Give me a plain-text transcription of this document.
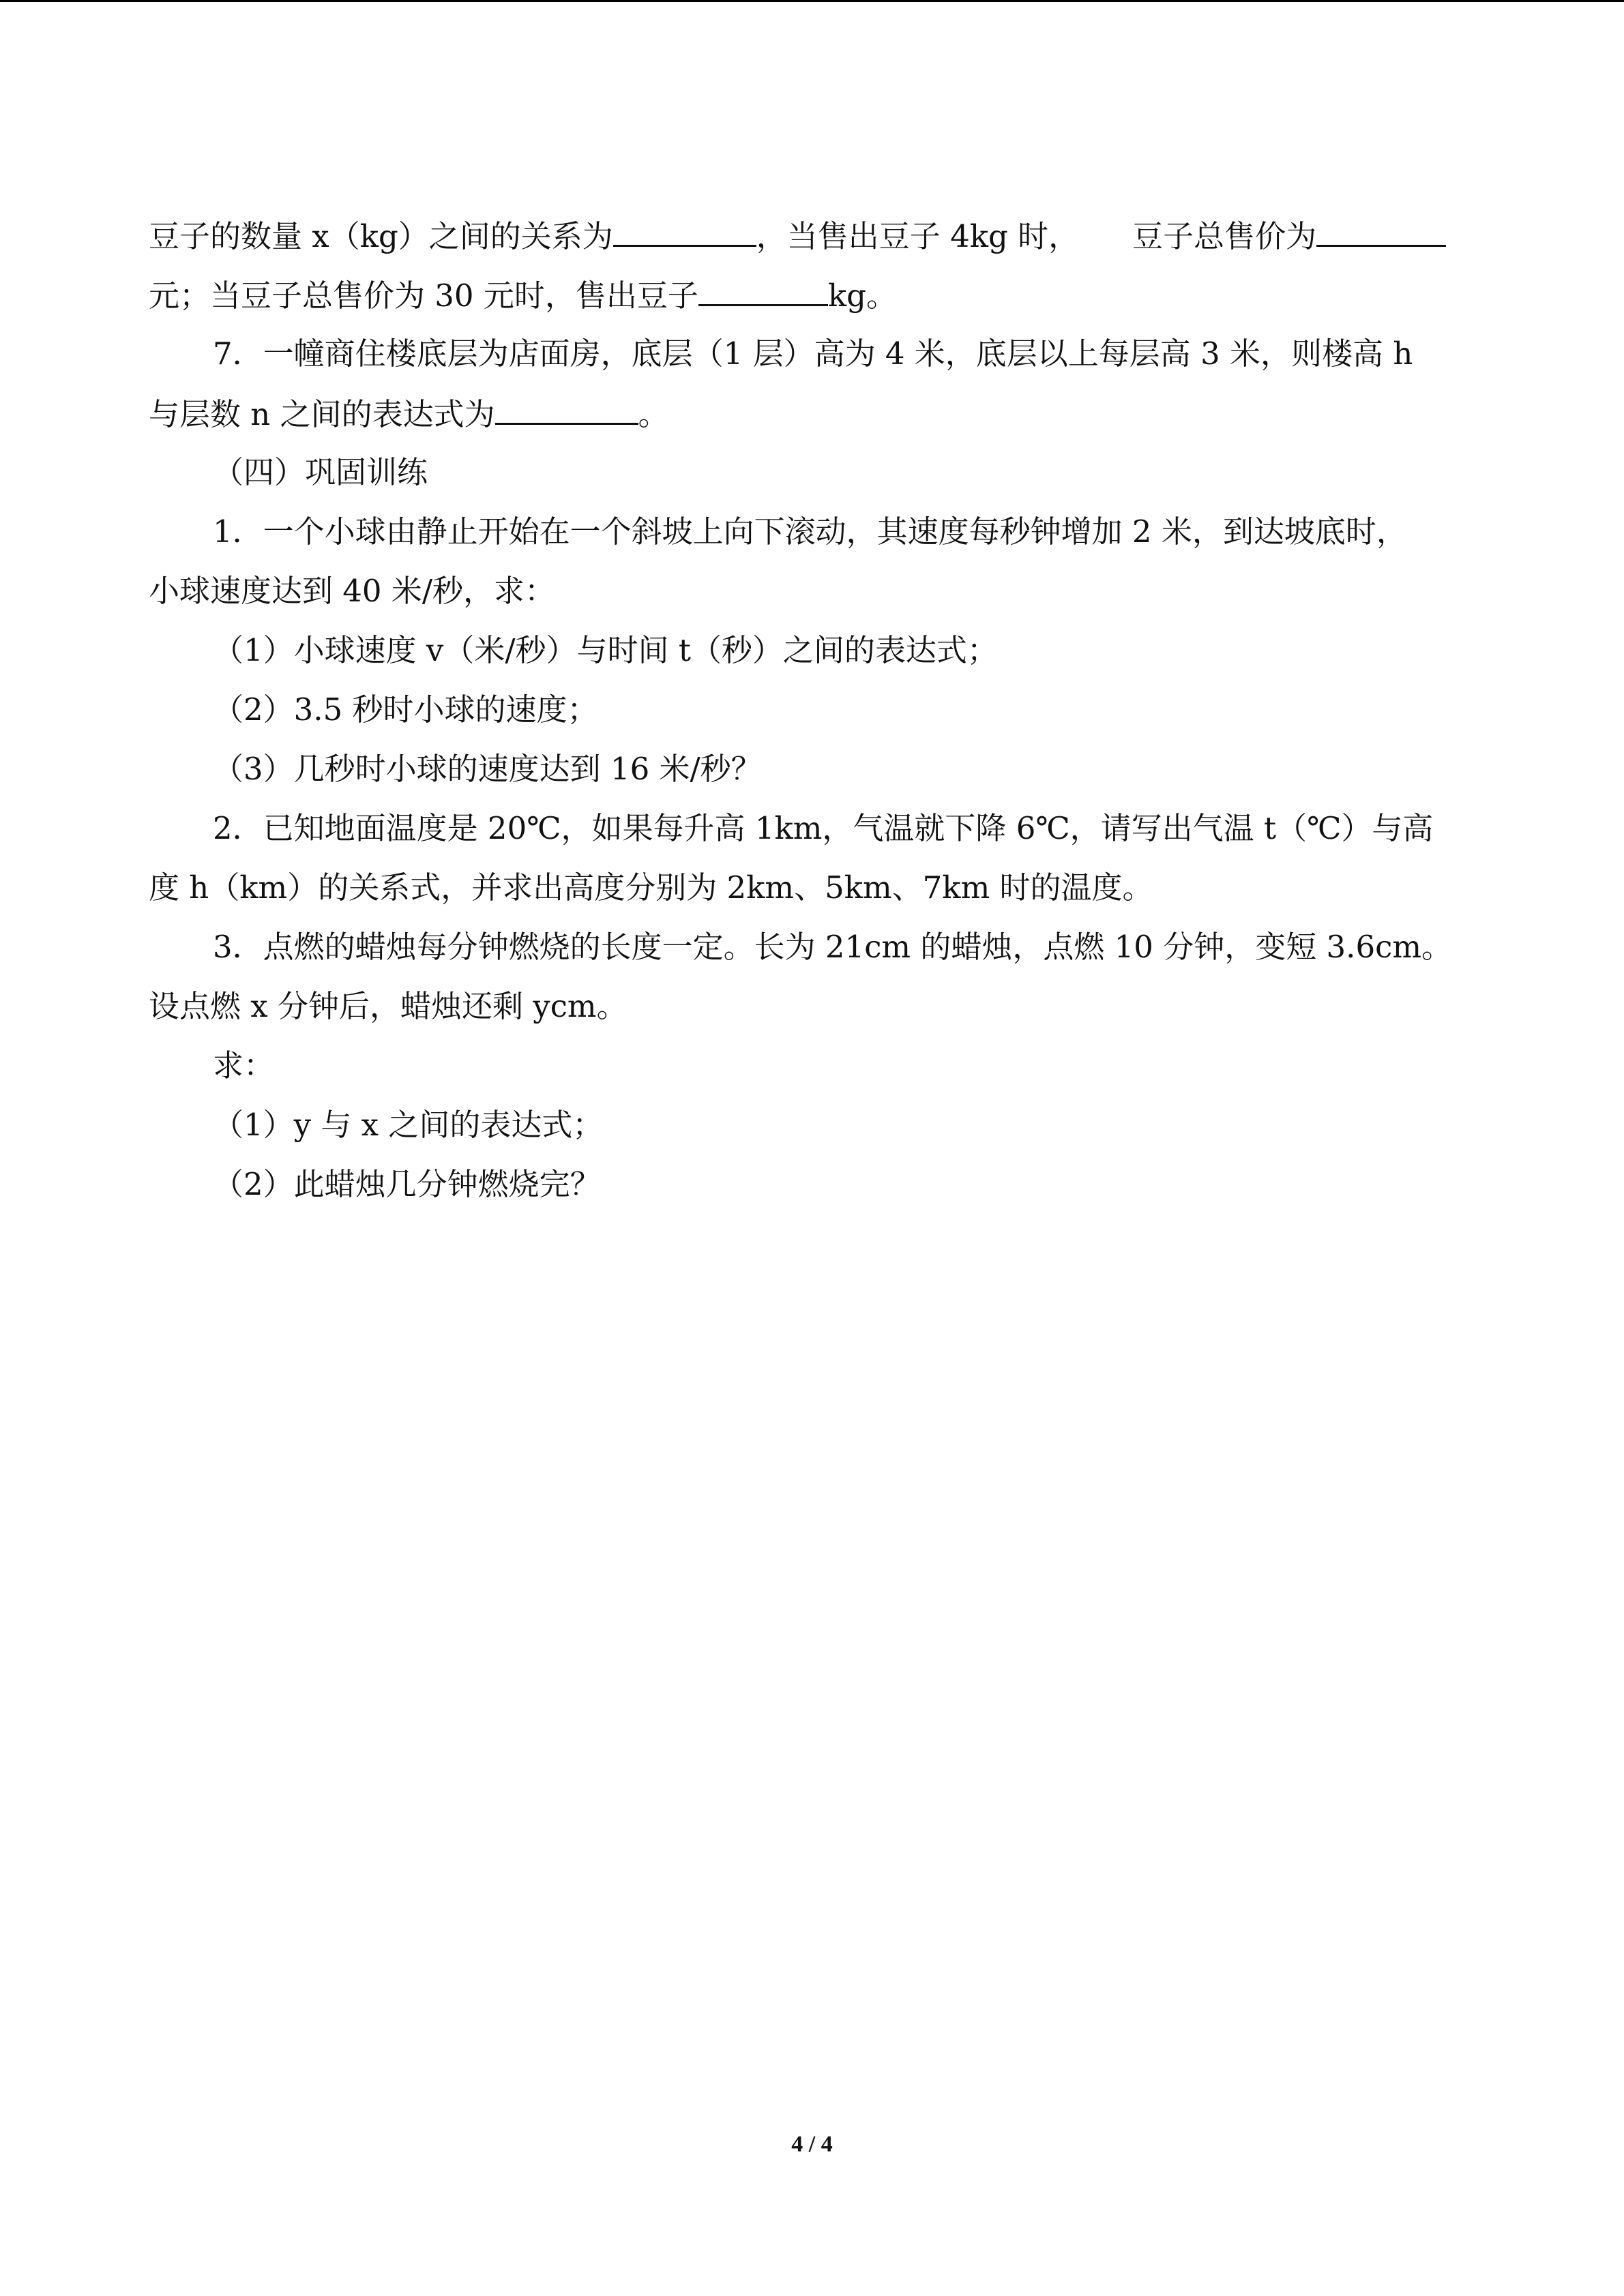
豆子的数量 x（kg）之间的关系为	，当售出豆子 4kg 时， 豆子总售价为
元；当豆子总售价为 30 元时，售出豆子	kg。
7．一幢商住楼底层为店面房，底层（1 层）高为 4 米，底层以上每层高 3 米，则楼高 h
与层数 n 之间的表达式为	。
（四）巩固训练
1．一个小球由静止开始在一个斜坡上向下滚动，其速度每秒钟增加 2 米，到达坡底时，
小球速度达到 40 米/秒，求：
（1）小球速度 v（米/秒）与时间 t（秒）之间的表达式；
（2）3.5 秒时小球的速度；
（3）几秒时小球的速度达到 16 米/秒？
2．已知地面温度是 20℃，如果每升高 1km，气温就下降 6℃，请写出气温 t（℃）与高
度 h（km）的关系式，并求出高度分别为 2km、5km、7km 时的温度。
3．点燃的蜡烛每分钟燃烧的长度一定。长为 21cm 的蜡烛，点燃 10 分钟，变短 3.6cm。
设点燃 x 分钟后，蜡烛还剩 ycm。
求：
（1）y 与 x 之间的表达式；
（2）此蜡烛几分钟燃烧完？
4 / 4
